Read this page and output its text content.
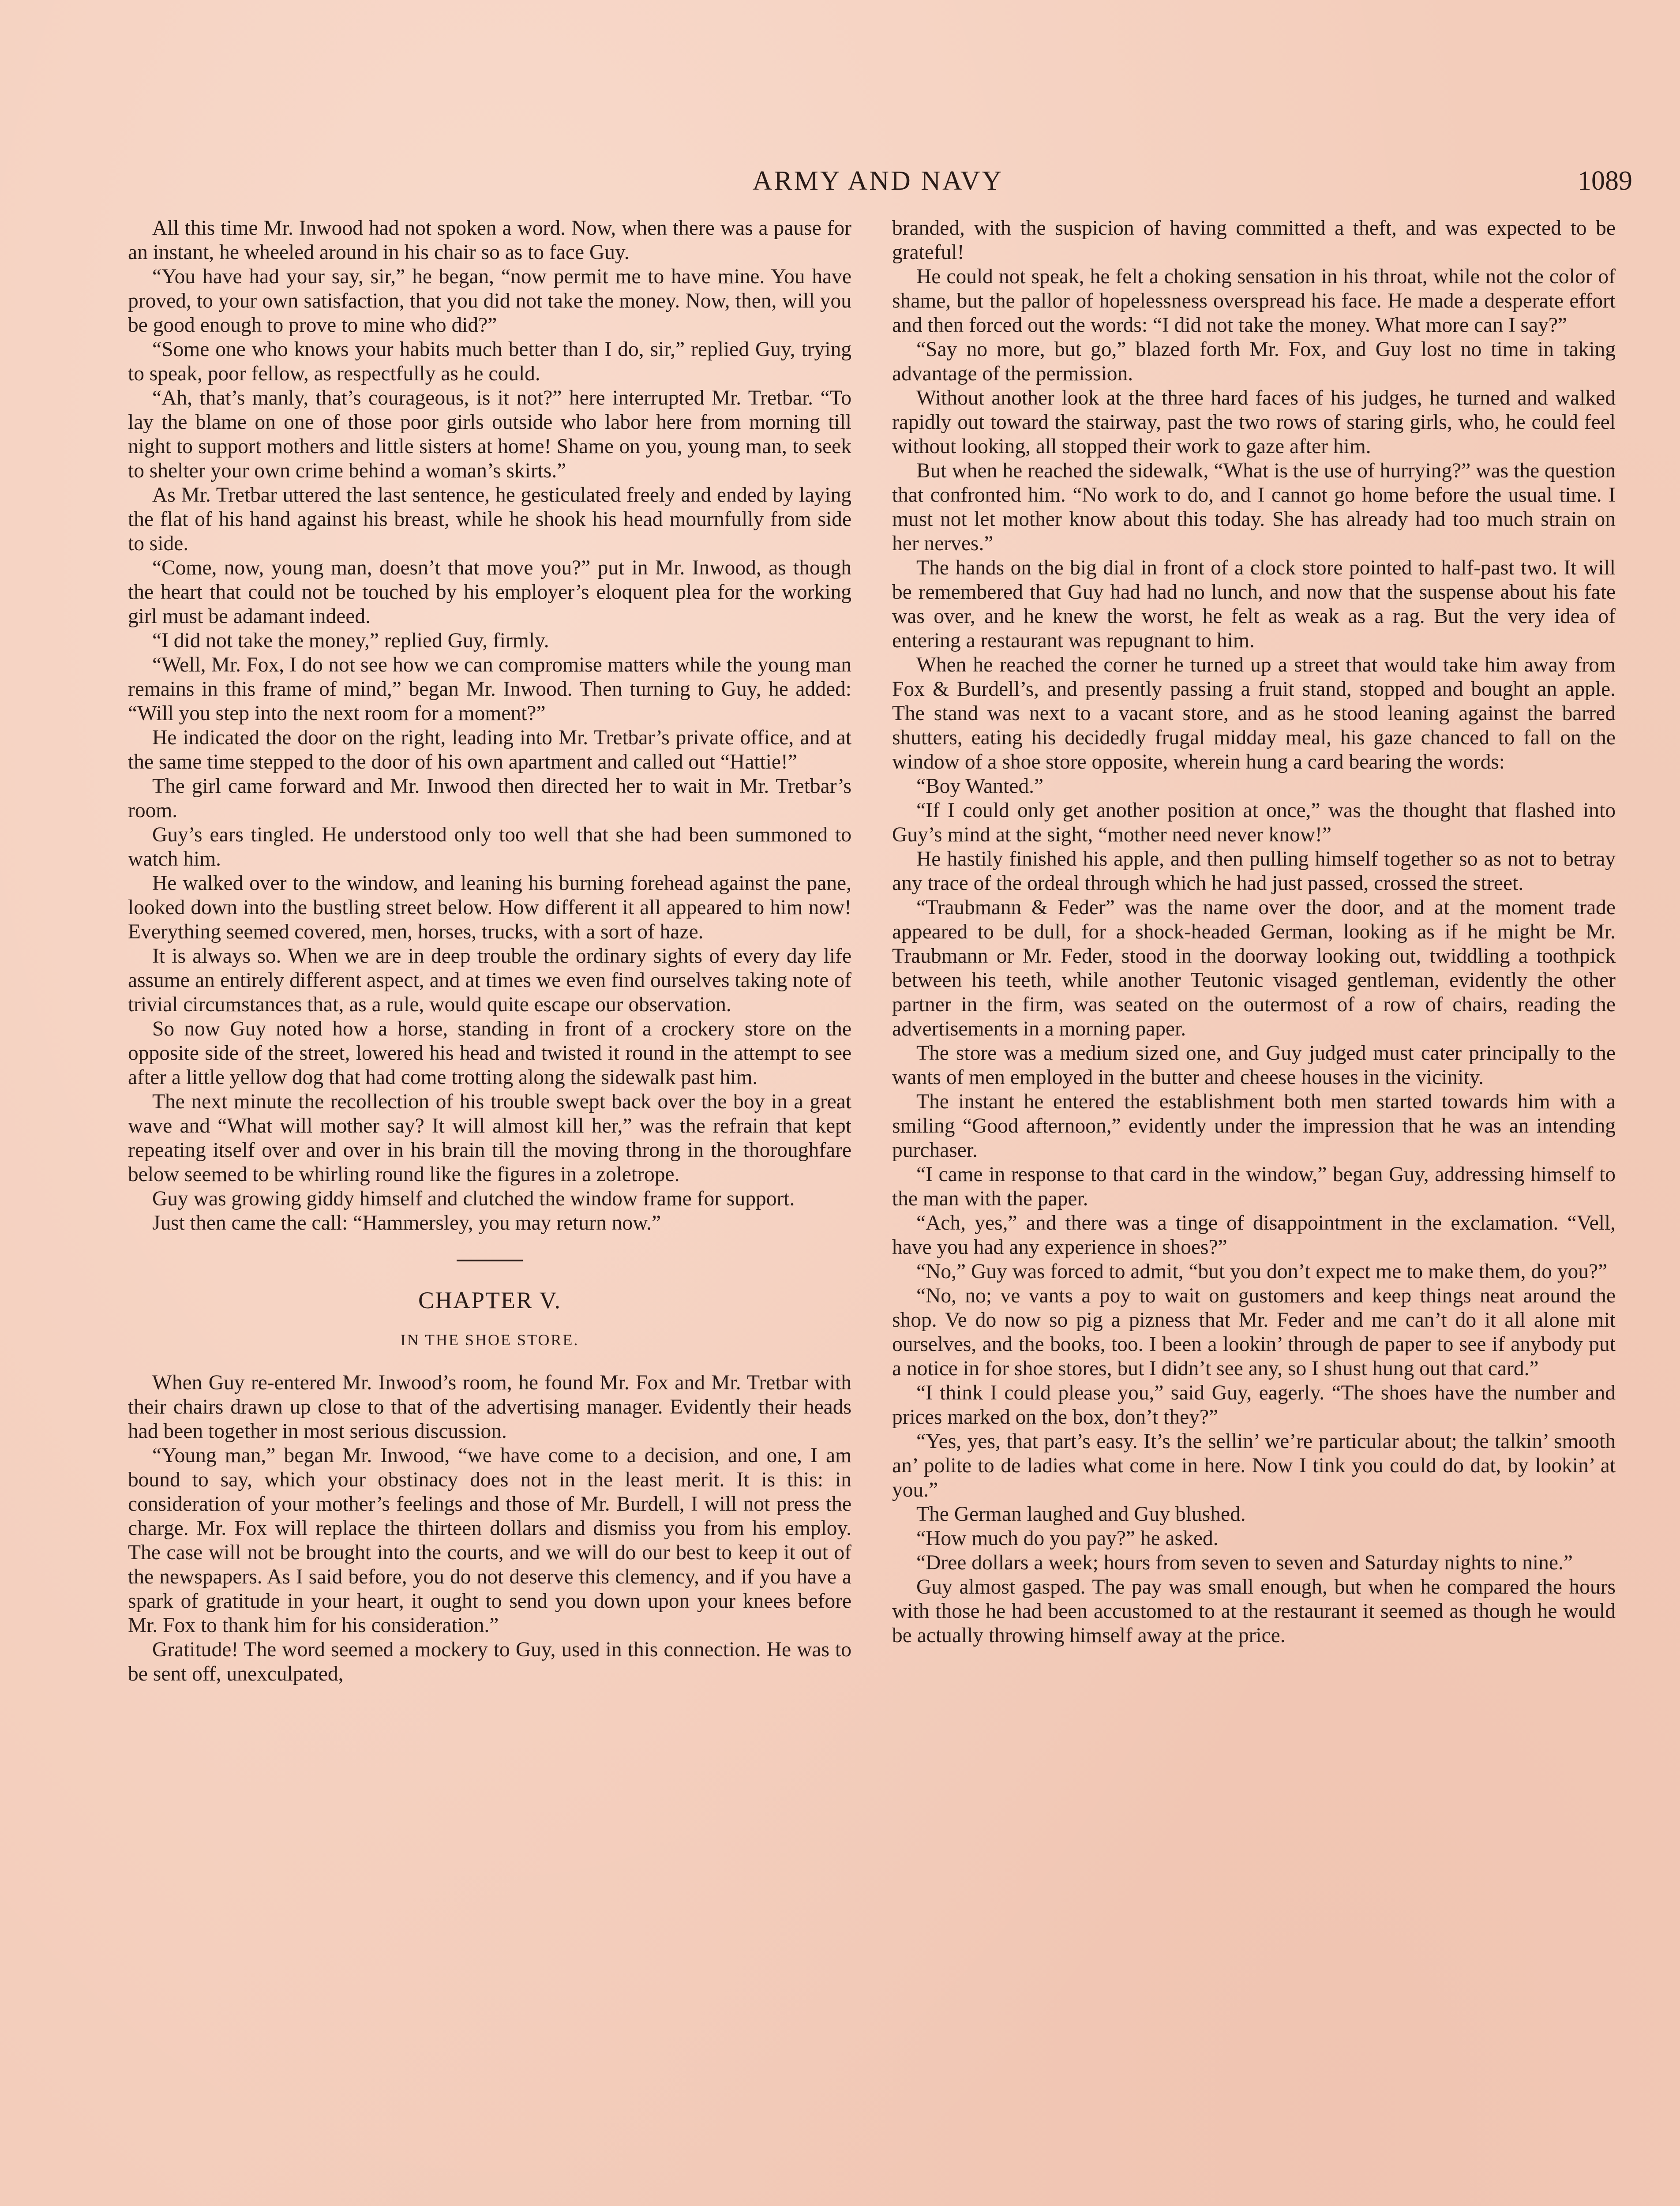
ARMY AND NAVY	1089

All this time Mr. Inwood had not spoken a word. Now, when there was a pause for an instant, he wheeled around in his chair so as to face Guy.

“You have had your say, sir,” he began, “now permit me to have mine. You have proved, to your own satisfaction, that you did not take the money. Now, then, will you be good enough to prove to mine who did?”

“Some one who knows your habits much better than I do, sir,” replied Guy, trying to speak, poor fellow, as respectfully as he could.

“Ah, that’s manly, that’s courageous, is it not?” here interrupted Mr. Tretbar. “To lay the blame on one of those poor girls outside who labor here from morning till night to support mothers and little sisters at home! Shame on you, young man, to seek to shelter your own crime behind a woman’s skirts.”

As Mr. Tretbar uttered the last sentence, he gesticulated freely and ended by laying the flat of his hand against his breast, while he shook his head mournfully from side to side.

“Come, now, young man, doesn’t that move you?” put in Mr. Inwood, as though the heart that could not be touched by his employer’s eloquent plea for the working girl must be adamant indeed.

“I did not take the money,” replied Guy, firmly.

“Well, Mr. Fox, I do not see how we can compromise matters while the young man remains in this frame of mind,” began Mr. Inwood. Then turning to Guy, he added: “Will you step into the next room for a moment?”

He indicated the door on the right, leading into Mr. Tretbar’s private office, and at the same time stepped to the door of his own apartment and called out “Hattie!”

The girl came forward and Mr. Inwood then directed her to wait in Mr. Tretbar’s room.

Guy’s ears tingled. He understood only too well that she had been summoned to watch him.

He walked over to the window, and leaning his burning forehead against the pane, looked down into the bustling street below. How different it all appeared to him now! Everything seemed covered, men, horses, trucks, with a sort of haze.

It is always so. When we are in deep trouble the ordinary sights of every day life assume an entirely different aspect, and at times we even find ourselves taking note of trivial circumstances that, as a rule, would quite escape our observation.

So now Guy noted how a horse, standing in front of a crockery store on the opposite side of the street, lowered his head and twisted it round in the attempt to see after a little yellow dog that had come trotting along the sidewalk past him.

The next minute the recollection of his trouble swept back over the boy in a great wave and “What will mother say? It will almost kill her,” was the refrain that kept repeating itself over and over in his brain till the moving throng in the thoroughfare below seemed to be whirling round like the figures in a zoletrope.

Guy was growing giddy himself and clutched the window frame for support.

Just then came the call: “Hammersley, you may return now.”

CHAPTER V.

IN THE SHOE STORE.

When Guy re-entered Mr. Inwood’s room, he found Mr. Fox and Mr. Tretbar with their chairs drawn up close to that of the advertising manager. Evidently their heads had been together in most serious discussion.

“Young man,” began Mr. Inwood, “we have come to a decision, and one, I am bound to say, which your obstinacy does not in the least merit. It is this: in consideration of your mother’s feelings and those of Mr. Burdell, I will not press the charge. Mr. Fox will replace the thirteen dollars and dismiss you from his employ. The case will not be brought into the courts, and we will do our best to keep it out of the newspapers. As I said before, you do not deserve this clemency, and if you have a spark of gratitude in your heart, it ought to send you down upon your knees before Mr. Fox to thank him for his consideration.”

Gratitude! The word seemed a mockery to Guy, used in this connection. He was to be sent off, unexculpated,

branded, with the suspicion of having committed a theft, and was expected to be grateful!

He could not speak, he felt a choking sensation in his throat, while not the color of shame, but the pallor of hopelessness overspread his face. He made a desperate effort and then forced out the words: “I did not take the money. What more can I say?”

“Say no more, but go,” blazed forth Mr. Fox, and Guy lost no time in taking advantage of the permission.

Without another look at the three hard faces of his judges, he turned and walked rapidly out toward the stairway, past the two rows of staring girls, who, he could feel without looking, all stopped their work to gaze after him.

But when he reached the sidewalk, “What is the use of hurrying?” was the question that confronted him. “No work to do, and I cannot go home before the usual time. I must not let mother know about this today. She has already had too much strain on her nerves.”

The hands on the big dial in front of a clock store pointed to half-past two. It will be remembered that Guy had had no lunch, and now that the suspense about his fate was over, and he knew the worst, he felt as weak as a rag. But the very idea of entering a restaurant was repugnant to him.

When he reached the corner he turned up a street that would take him away from Fox & Burdell’s, and presently passing a fruit stand, stopped and bought an apple. The stand was next to a vacant store, and as he stood leaning against the barred shutters, eating his decidedly frugal midday meal, his gaze chanced to fall on the window of a shoe store opposite, wherein hung a card bearing the words:

“Boy Wanted.”

“If I could only get another position at once,” was the thought that flashed into Guy’s mind at the sight, “mother need never know!”

He hastily finished his apple, and then pulling himself together so as not to betray any trace of the ordeal through which he had just passed, crossed the street.

“Traubmann & Feder” was the name over the door, and at the moment trade appeared to be dull, for a shock-headed German, looking as if he might be Mr. Traubmann or Mr. Feder, stood in the doorway looking out, twiddling a toothpick between his teeth, while another Teutonic visaged gentleman, evidently the other partner in the firm, was seated on the outermost of a row of chairs, reading the advertisements in a morning paper.

The store was a medium sized one, and Guy judged must cater principally to the wants of men employed in the butter and cheese houses in the vicinity.

The instant he entered the establishment both men started towards him with a smiling “Good afternoon,” evidently under the impression that he was an intending purchaser.

“I came in response to that card in the window,” began Guy, addressing himself to the man with the paper.

“Ach, yes,” and there was a tinge of disappointment in the exclamation. “Vell, have you had any experience in shoes?”

“No,” Guy was forced to admit, “but you don’t expect me to make them, do you?”

“No, no; ve vants a poy to wait on gustomers and keep things neat around the shop. Ve do now so pig a pizness that Mr. Feder and me can’t do it all alone mit ourselves, and the books, too. I been a lookin’ through de paper to see if anybody put a notice in for shoe stores, but I didn’t see any, so I shust hung out that card.”

“I think I could please you,” said Guy, eagerly. “The shoes have the number and prices marked on the box, don’t they?”

“Yes, yes, that part’s easy. It’s the sellin’ we’re particular about; the talkin’ smooth an’ polite to de ladies what come in here. Now I tink you could do dat, by lookin’ at you.”

The German laughed and Guy blushed.

“How much do you pay?” he asked.

“Dree dollars a week; hours from seven to seven and Saturday nights to nine.”

Guy almost gasped. The pay was small enough, but when he compared the hours with those he had been accustomed to at the restaurant it seemed as though he would be actually throwing himself away at the price.
